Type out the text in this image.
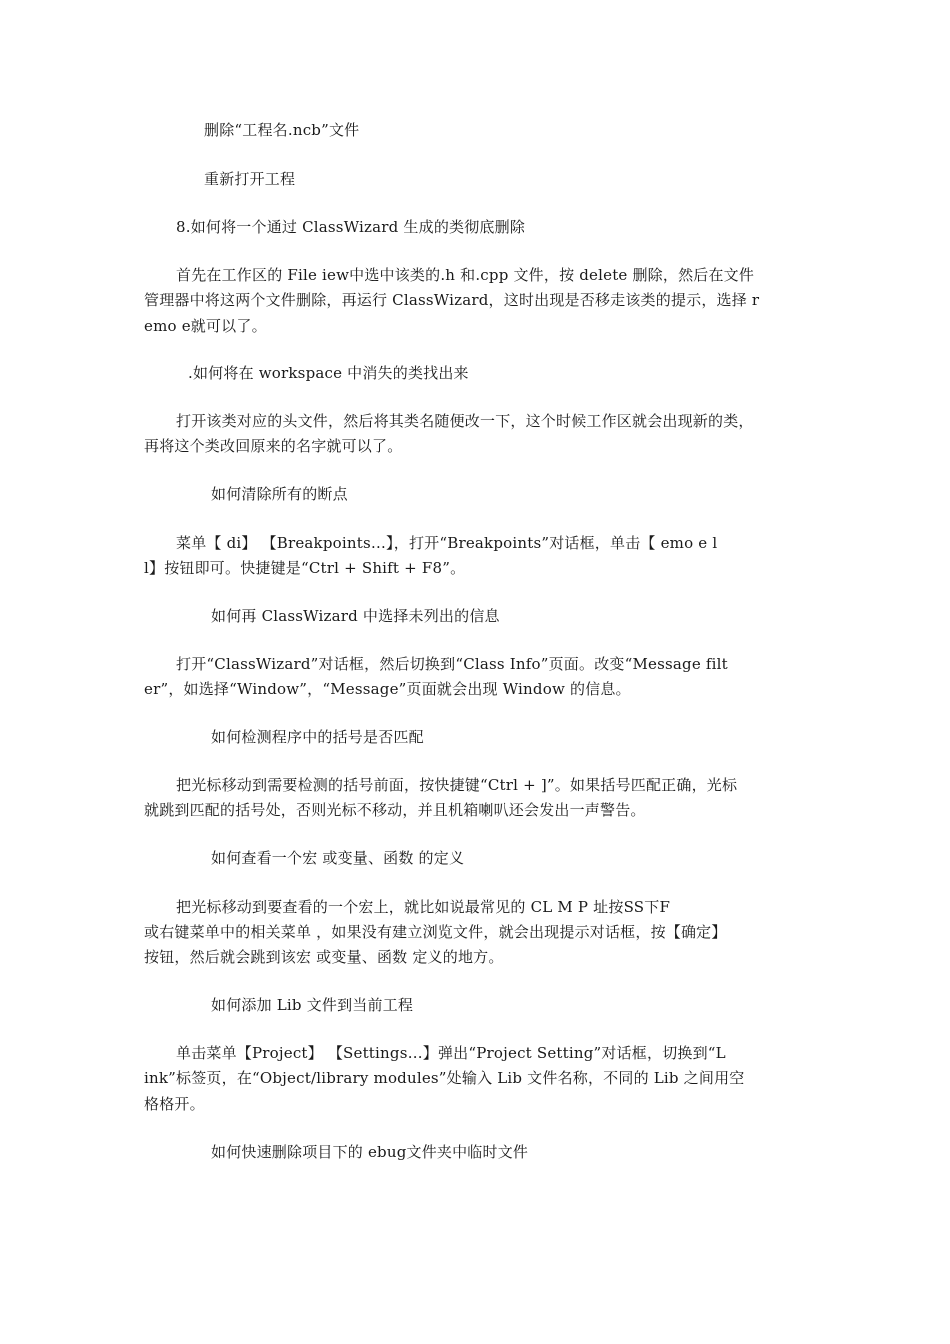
删除“工程名.ncb”文件
重新打开工程
8.如何将一个通过 ClassWizard 生成的类彻底删除
首先在工作区的 File iew中选中该类的.h 和.cpp 文件，按 delete 删除，然后在文件
管理器中将这两个文件删除，再运行 ClassWizard，这时出现是否移走该类的提示，选择 r
emo e就可以了。
.如何将在 workspace 中消失的类找出来
打开该类对应的头文件，然后将其类名随便改一下，这个时候工作区就会出现新的类，
再将这个类改回原来的名字就可以了。
如何清除所有的断点
菜单【 di】 【Breakpoints…】，打开“Breakpoints”对话框，单击【 emo e l
l】按钮即可。快捷键是“Ctrl + Shift + F8”。
如何再 ClassWizard 中选择未列出的信息
打开“ClassWizard”对话框，然后切换到“Class Info”页面。改变“Message filt
er”，如选择“Window”，“Message”页面就会出现 Window 的信息。
如何检测程序中的括号是否匹配
把光标移动到需要检测的括号前面，按快捷键“Ctrl + ]”。如果括号匹配正确，光标
就跳到匹配的括号处，否则光标不移动，并且机箱喇叭还会发出一声警告。
如何查看一个宏 或变量、函数 的定义
把光标移动到要查看的一个宏上，就比如说最常见的 CL M P 址按SS下F
或右键菜单中的相关菜单 ，如果没有建立浏览文件，就会出现提示对话框，按【确定】
按钮，然后就会跳到该宏 或变量、函数 定义的地方。
如何添加 Lib 文件到当前工程
单击菜单【Project】 【Settings…】弹出“Project Setting”对话框，切换到“L
ink”标签页，在“Object/library modules”处输入 Lib 文件名称，不同的 Lib 之间用空
格格开。
如何快速删除项目下的 ebug文件夹中临时文件
